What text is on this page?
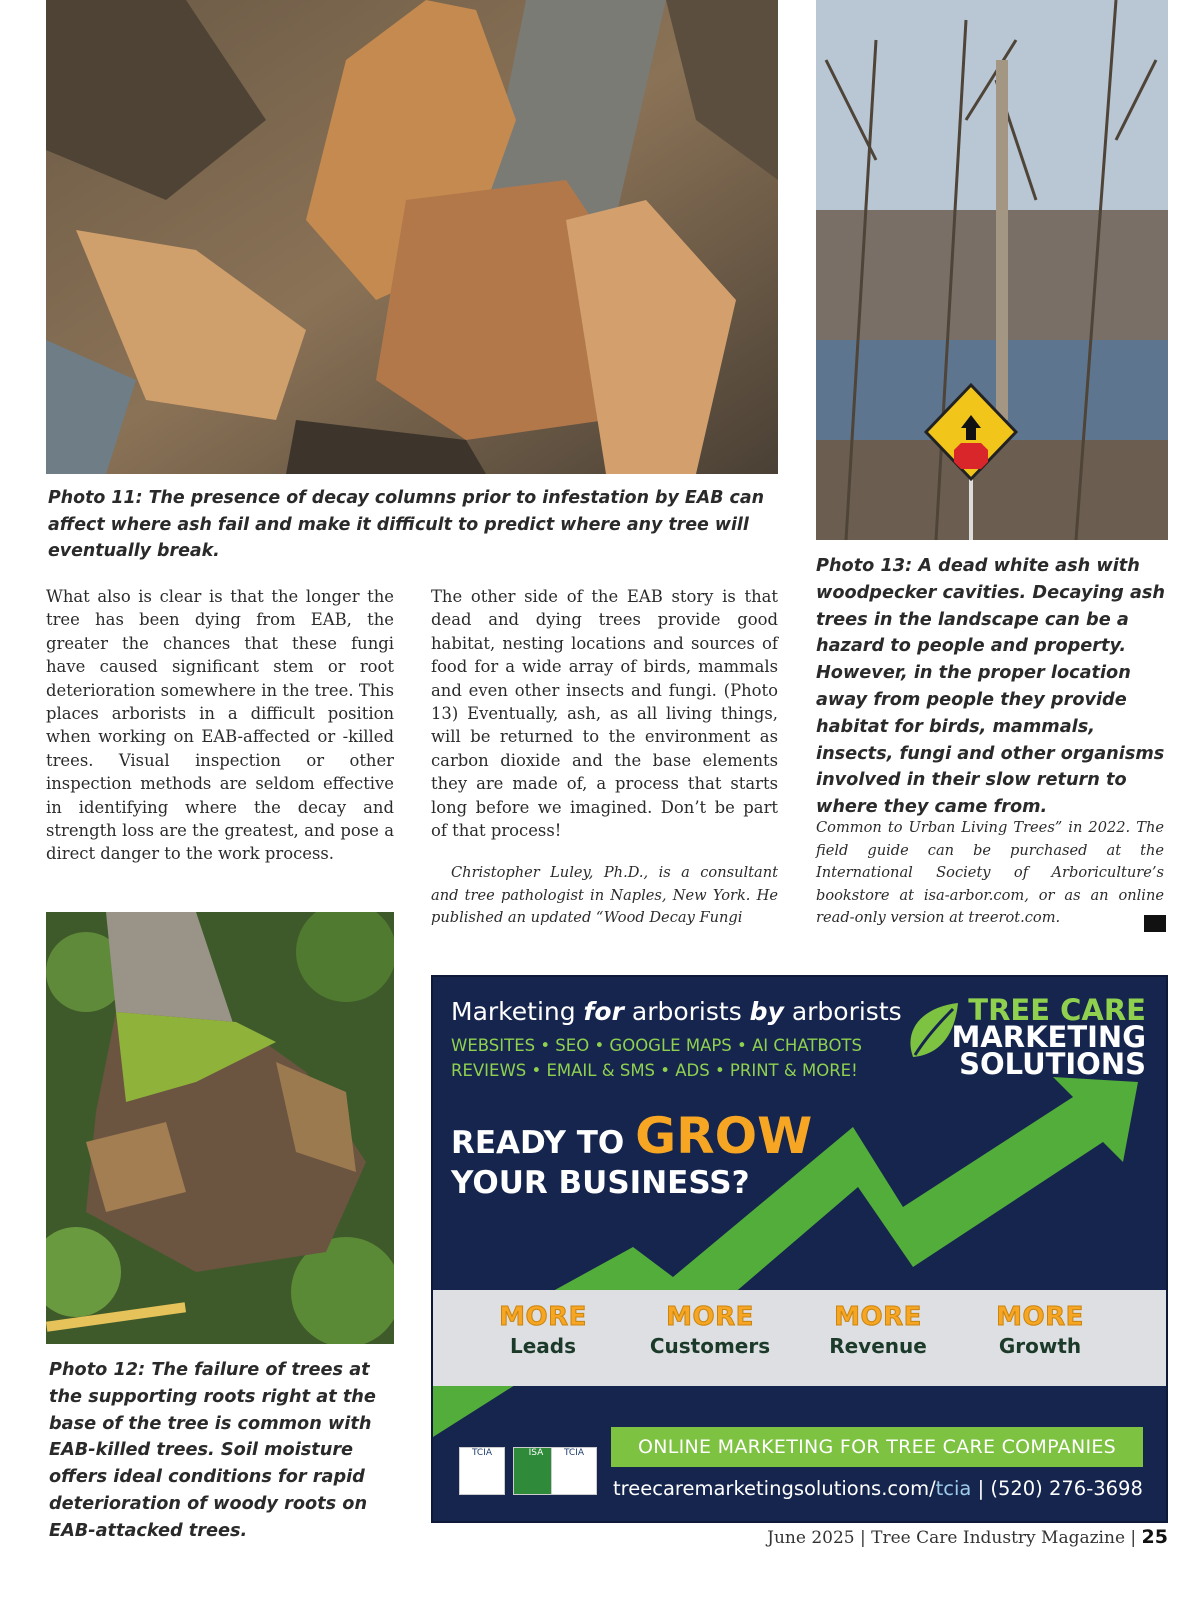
Photo 11: The presence of decay columns prior to infestation by EAB can affect where ash fail and make it difficult to predict where any tree will eventually break.
Photo 13: A dead white ash with woodpecker cavities. Decaying ash trees in the landscape can be a hazard to people and property. However, in the proper location away from people they provide habitat for birds, mammals, insects, fungi and other organisms involved in their slow return to where they came from.
What also is clear is that the longer the tree has been dying from EAB, the greater the chances that these fungi have caused significant stem or root deterioration somewhere in the tree. This places arborists in a difficult position when working on EAB-affected or -killed trees. Visual inspection or other inspection methods are seldom effective in identifying where the decay and strength loss are the greatest, and pose a direct danger to the work process.
The other side of the EAB story is that dead and dying trees provide good habitat, nesting locations and sources of food for a wide array of birds, mammals and even other insects and fungi. (Photo 13) Eventually, ash, as all living things, will be returned to the environment as carbon dioxide and the base elements they are made of, a process that starts long before we imagined. Don’t be part of that process!
Christopher Luley, Ph.D., is a consultant and tree pathologist in Naples, New York. He published an updated “Wood Decay Fungi
Common to Urban Living Trees” in 2022. The field guide can be purchased at the International Society of Arboriculture’s bookstore at isa-arbor.com, or as an online read-only version at treerot.com.
Photo 12: The failure of trees at the supporting roots right at the base of the tree is common with EAB-killed trees. Soil moisture offers ideal conditions for rapid deterioration of woody roots on EAB-attacked trees.
Marketing for arborists by arborists
WEBSITES • SEO • GOOGLE MAPS • AI CHATBOTS
REVIEWS • EMAIL & SMS • ADS • PRINT & MORE!
TREE CARE
MARKETING
SOLUTIONS
READY TO GROW
YOUR BUSINESS?
MORE
Leads
MORE
Customers
MORE
Revenue
MORE
Growth
TCIA	ISA	TCIA	ONLINE MARKETING FOR TREE CARE COMPANIES
treecaremarketingsolutions.com/tcia | (520) 276-3698
June 2025 | Tree Care Industry Magazine | 25
